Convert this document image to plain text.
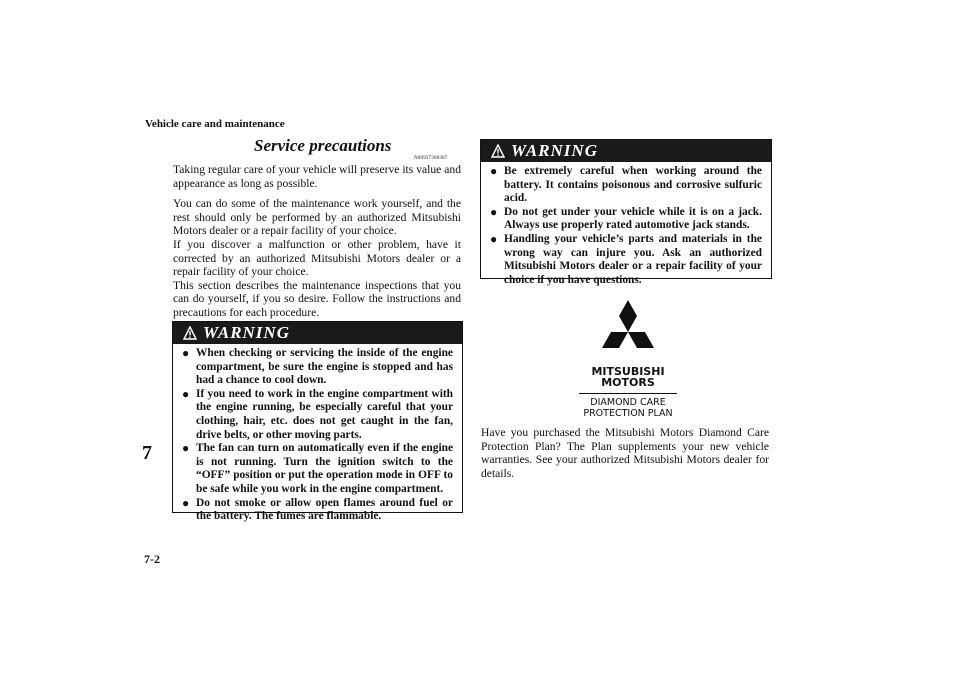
Vehicle care and maintenance
7
7-2
Service precautions
N00937300387

Taking regular care of your vehicle will preserve its value and appearance as long as possible.

You can do some of the maintenance work yourself, and the rest should only be performed by an authorized Mitsubishi Motors dealer or a repair facility of your choice.

If you discover a malfunction or other problem, have it corrected by an authorized Mitsubishi Motors dealer or a repair facility of your choice.

This section describes the maintenance inspections that you can do yourself, if you so desire. Follow the instructions and precautions for each procedure.

WARNING
● When checking or servicing the inside of the engine compartment, be sure the engine is stopped and has had a chance to cool down.
● If you need to work in the engine compartment with the engine running, be especially careful that your clothing, hair, etc. does not get caught in the fan, drive belts, or other moving parts.
● The fan can turn on automatically even if the engine is not running. Turn the ignition switch to the “OFF” position or put the operation mode in OFF to be safe while you work in the engine compartment.
● Do not smoke or allow open flames around fuel or the battery. The fumes are flammable.
WARNING
● Be extremely careful when working around the battery. It contains poisonous and corrosive sulfuric acid.
● Do not get under your vehicle while it is on a jack. Always use properly rated automotive jack stands.
● Handling your vehicle’s parts and materials in the wrong way can injure you. Ask an authorized Mitsubishi Motors dealer or a repair facility of your choice if you have questions.
MITSUBISHI
MOTORS
DIAMOND CARE
PROTECTION PLAN
Have you purchased the Mitsubishi Motors Diamond Care Protection Plan? The Plan supplements your new vehicle warranties. See your authorized Mitsubishi Motors dealer for details.
